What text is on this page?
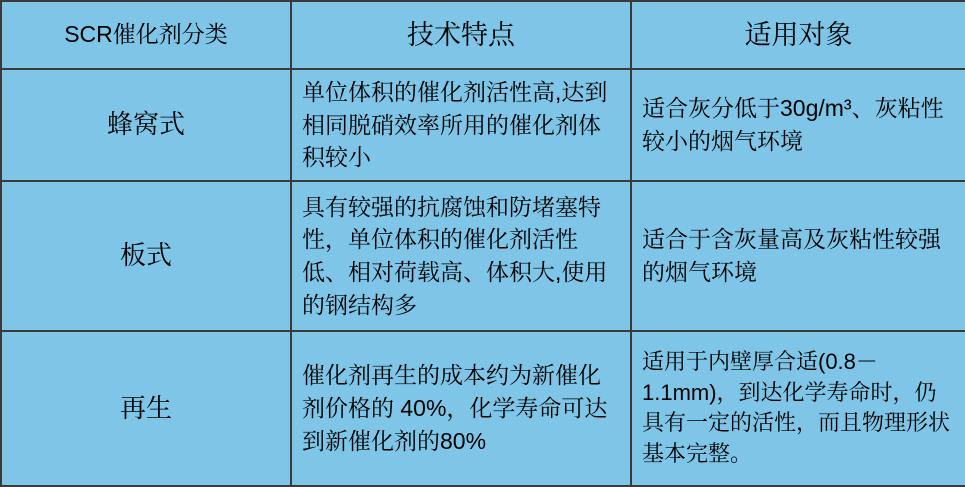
SCR催化剂分类	技术特点	适用对象
蜂窝式	单位体积的催化剂活性高,达到相同脱硝效率所用的催化剂体积较小	适合灰分低于30g/m³、灰粘性较小的烟气环境
板式	具有较强的抗腐蚀和防堵塞特性，单位体积的催化剂活性低、相对荷载高、体积大,使用的钢结构多	适合于含灰量高及灰粘性较强的烟气环境
再生	催化剂再生的成本约为新催化剂价格的 40%，化学寿命可达到新催化剂的80%	适用于内壁厚合适(0.8－1.1mm)，到达化学寿命时，仍具有一定的活性，而且物理形状基本完整。
